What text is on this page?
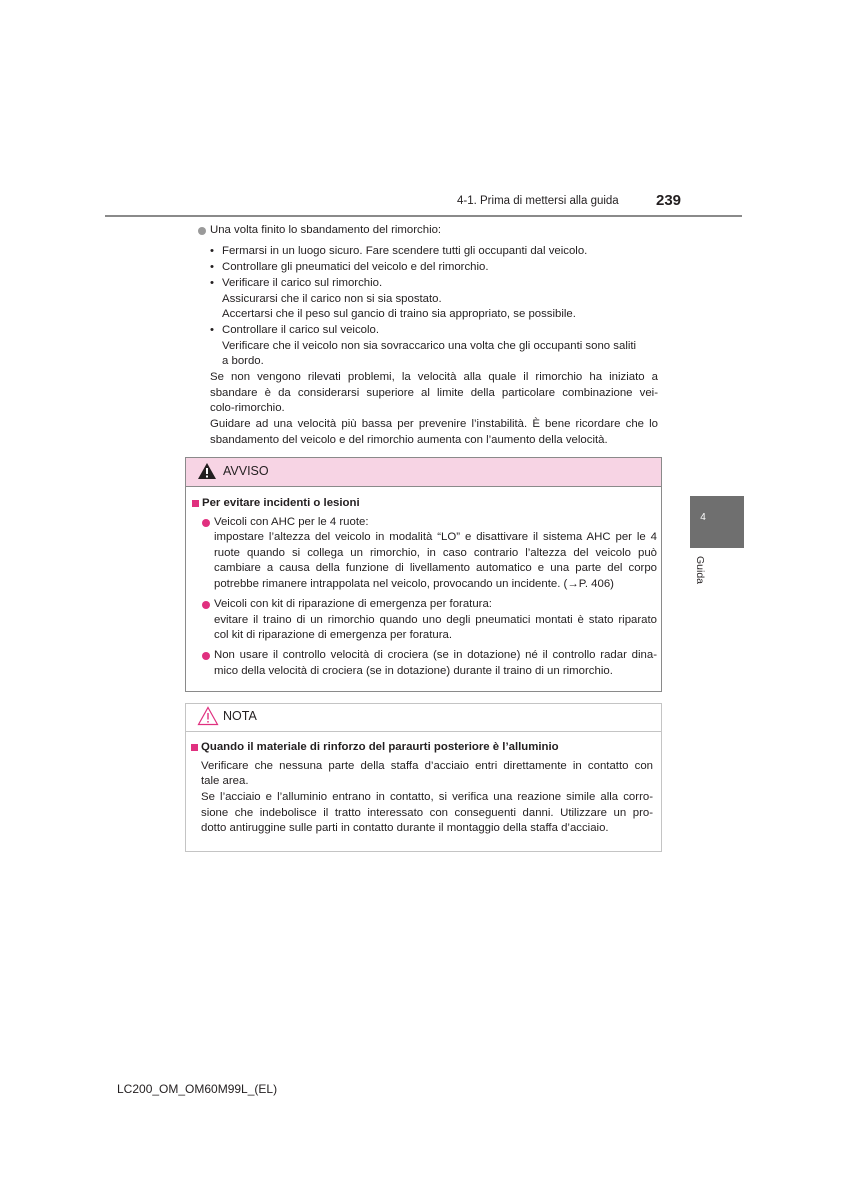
4-1. Prima di mettersi alla guida 239
4
Guida
Una volta finito lo sbandamento del rimorchio:
• Fermarsi in un luogo sicuro. Fare scendere tutti gli occupanti dal veicolo.
• Controllare gli pneumatici del veicolo e del rimorchio.
• Verificare il carico sul rimorchio.
Assicurarsi che il carico non si sia spostato.
Accertarsi che il peso sul gancio di traino sia appropriato, se possibile.
• Controllare il carico sul veicolo.
Verificare che il veicolo non sia sovraccarico una volta che gli occupanti sono saliti
a bordo.
Se non vengono rilevati problemi, la velocità alla quale il rimorchio ha iniziato a
sbandare è da considerarsi superiore al limite della particolare combinazione vei-
colo-rimorchio.
Guidare ad una velocità più bassa per prevenire l’instabilità. È bene ricordare che lo
sbandamento del veicolo e del rimorchio aumenta con l’aumento della velocità.
AVVISO
Per evitare incidenti o lesioni
Veicoli con AHC per le 4 ruote:
impostare l’altezza del veicolo in modalità “LO” e disattivare il sistema AHC per le 4
ruote quando si collega un rimorchio, in caso contrario l’altezza del veicolo può
cambiare a causa della funzione di livellamento automatico e una parte del corpo
potrebbe rimanere intrappolata nel veicolo, provocando un incidente. (→P. 406)
Veicoli con kit di riparazione di emergenza per foratura:
evitare il traino di un rimorchio quando uno degli pneumatici montati è stato riparato
col kit di riparazione di emergenza per foratura.
Non usare il controllo velocità di crociera (se in dotazione) né il controllo radar dina-
mico della velocità di crociera (se in dotazione) durante il traino di un rimorchio.
NOTA
Quando il materiale di rinforzo del paraurti posteriore è l’alluminio
Verificare che nessuna parte della staffa d’acciaio entri direttamente in contatto con
tale area.
Se l’acciaio e l’alluminio entrano in contatto, si verifica una reazione simile alla corro-
sione che indebolisce il tratto interessato con conseguenti danni. Utilizzare un pro-
dotto antiruggine sulle parti in contatto durante il montaggio della staffa d’acciaio.
LC200_OM_OM60M99L_(EL)
